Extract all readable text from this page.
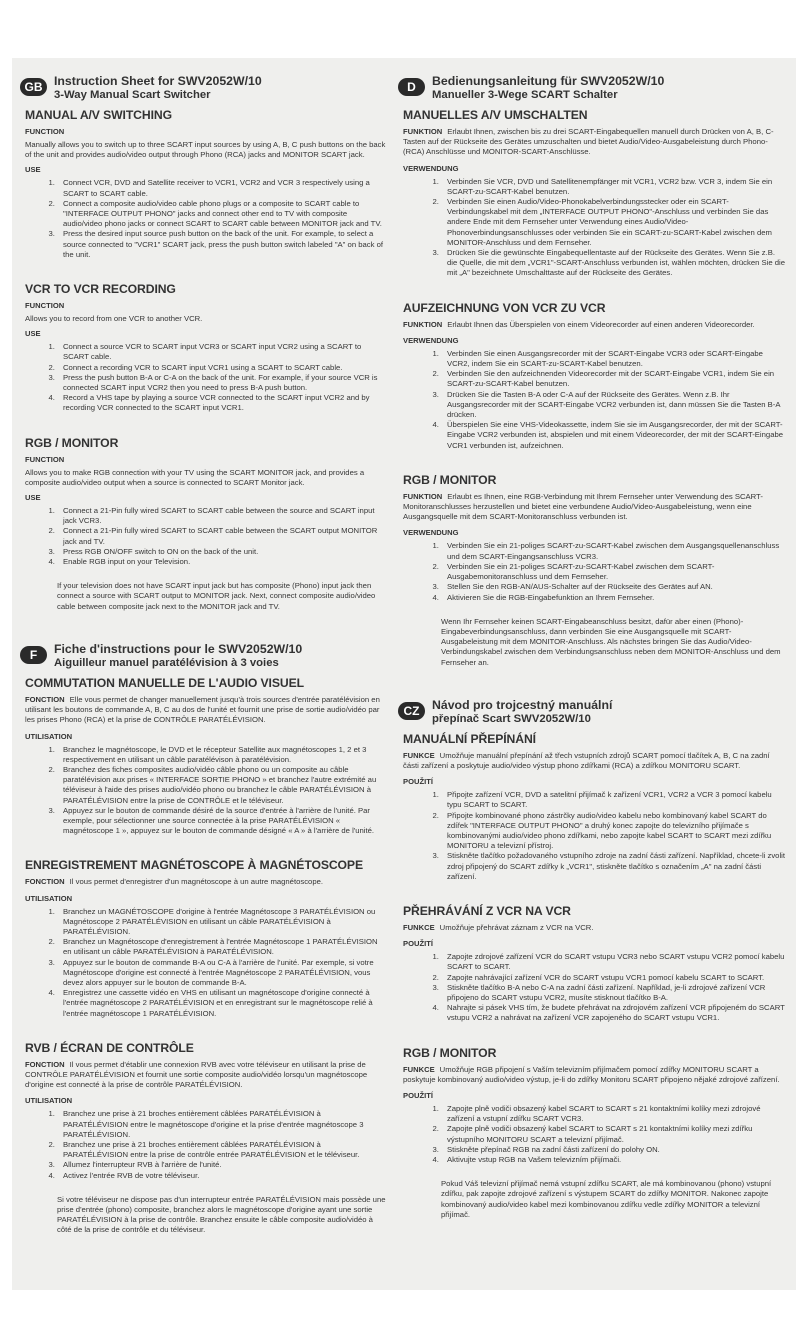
GB Instruction Sheet for SWV2052W/10
3-Way Manual Scart Switcher
MANUAL A/V SWITCHING
FUNCTION
Manually allows you to switch up to three SCART input sources by using A, B, C push buttons on the back of the unit and provides audio/video output through Phono (RCA) jacks and MONITOR SCART jack.
USE
1. Connect VCR, DVD and Satellite receiver to VCR1, VCR2 and VCR 3 respectively using a SCART to SCART cable.
2. Connect a composite audio/video cable phono plugs or a composite to SCART cable to "INTERFACE OUTPUT PHONO" jacks and connect other end to TV with composite audio/video phono jacks or connect SCART to SCART cable between MONITOR jack and TV.
3. Press the desired input source push button on the back of the unit. For example, to select a source connected to "VCR1" SCART jack, press the push button switch labeled "A" on back of the unit.
VCR TO VCR RECORDING
FUNCTION
Allows you to record from one VCR to another VCR.
USE
1. Connect a source VCR to SCART input VCR3 or SCART input VCR2 using a SCART to SCART cable.
2. Connect a recording VCR to SCART input VCR1 using a SCART to SCART cable.
3. Press the push button B-A or C-A on the back of the unit. For example, if your source VCR is connected SCART input VCR2 then you need to press B-A push button.
4. Record a VHS tape by playing a source VCR connected to the SCART input VCR2 and by recording VCR connected to the SCART input VCR1.
RGB / MONITOR
FUNCTION
Allows you to make RGB connection with your TV using the SCART MONITOR jack, and provides a composite audio/video output when a source is connected to SCART Monitor jack.
USE
1. Connect a 21-Pin fully wired SCART to SCART cable between the source and SCART input jack VCR3.
2. Connect a 21-Pin fully wired SCART to SCART cable between the SCART output MONITOR jack and TV.
3. Press RGB ON/OFF switch to ON on the back of the unit.
4. Enable RGB input on your Television.
If your television does not have SCART input jack but has composite (Phono) input jack then connect a source with SCART output to MONITOR jack. Next, connect composite audio/video cable between composite jack next to the MONITOR jack and TV.
F	Fiche d'instructions pour le SWV2052W/10
Aiguilleur manuel paratélévision à 3 voies
COMMUTATION MANUELLE DE L'AUDIO VISUEL
FONCTION Elle vous permet de changer manuellement jusqu'à trois sources d'entrée paratélévision en utilisant les boutons de commande A, B, C au dos de l'unité et fournit une prise de sortie audio/vidéo par les prises Phono (RCA) et la prise de CONTRÔLE PARATÉLÉVISION.
UTILISATION
1. Branchez le magnétoscope, le DVD et le récepteur Satellite aux magnétoscopes 1, 2 et 3 respectivement en utilisant un câble paratélévison à paratélévision.
2. Branchez des fiches composites audio/vidéo câble phono ou un composite au câble paratélévision aux prises « INTERFACE SORTIE PHONO » et branchez l'autre extrémité au téléviseur à l'aide des prises audio/vidéo phono ou branchez le câble PARATÉLÉVISION à PARATÉLÉVISION entre la prise de CONTRÔLE et le téléviseur.
3. Appuyez sur le bouton de commande désiré de la source d'entrée à l'arrière de l'unité. Par exemple, pour sélectionner une source connectée à la prise PARATÉLÉVISION « magnétoscope 1 », appuyez sur le bouton de commande désigné « A » à l'arrière de l'unité.
ENREGISTREMENT MAGNÉTOSCOPE À MAGNÉTOSCOPE
FONCTION Il vous permet d'enregistrer d'un magnétoscope à un autre magnétoscope.
UTILISATION
1. Branchez un MAGNÉTOSCOPE d'origine à l'entrée Magnétoscope 3 PARATÉLÉVISION ou Magnétoscope 2 PARATÉLÉVISION en utilisant un câble PARATÉLÉVISION à PARATÉLÉVISION.
2. Branchez un Magnétoscope d'enregistrement à l'entrée Magnétoscope 1 PARATÉLÉVISION en utilisant un câble PARATÉLÉVISION à PARATÉLÉVISION.
3. Appuyez sur le bouton de commande B-A ou C-A à l'arrière de l'unité. Par exemple, si votre Magnétoscope d'origine est connecté à l'entrée Magnétoscope 2 PARATÉLÉVISION, vous devez alors appuyer sur le bouton de commande B-A.
4. Enregistrez une cassette vidéo en VHS en utilisant un magnétoscope d'origine connecté à l'entrée magnétoscope 2 PARATÉLÉVISION et en enregistrant sur le magnétoscope relié à l'entrée magnétoscope 1 PARATÉLÉVISION.
RVB / ÉCRAN DE CONTRÔLE
FONCTION Il vous permet d'établir une connexion RVB avec votre téléviseur en utilisant la prise de CONTRÔLE PARATÉLÉVISION et fournit une sortie composite audio/vidéo lorsqu'un magnétoscope d'origine est connecté à la prise de contrôle PARATÉLÉVISION.
UTILISATION
1. Branchez une prise à 21 broches entièrement câblées PARATÉLÉVISION à PARATÉLÉVISION entre le magnétoscope d'origine et la prise d'entrée magnétoscope 3 PARATÉLÉVISION.
2. Branchez une prise à 21 broches entièrement câblées PARATÉLÉVISION à PARATÉLÉVISION entre la prise de contrôle entrée PARATÉLÉVISION et le téléviseur.
3. Allumez l'interrupteur RVB à l'arrière de l'unité.
4. Activez l'entrée RVB de votre téléviseur.
Si votre téléviseur ne dispose pas d'un interrupteur entrée PARATÉLÉVISION mais possède une prise d'entrée (phono) composite, branchez alors le magnétoscope d'origine ayant une sortie PARATÉLÉVISION à la prise de contrôle. Branchez ensuite le câble composite audio/vidéo à côté de la prise de contrôle et du téléviseur.
D	Bedienungsanleitung für SWV2052W/10
Manueller 3-Wege SCART Schalter
MANUELLES A/V UMSCHALTEN
FUNKTION Erlaubt Ihnen, zwischen bis zu drei SCART-Eingabequellen manuell durch Drücken von A, B, C-Tasten auf der Rückseite des Gerätes umzuschalten und bietet Audio/Video-Ausgabeleistung durch Phono- (RCA) Anschlüsse und MONITOR-SCART-Anschlüsse.
VERWENDUNG
1. Verbinden Sie VCR, DVD und Satellitenempfänger mit VCR1, VCR2 bzw. VCR 3, indem Sie ein SCART-zu-SCART-Kabel benutzen.
2. Verbinden Sie einen Audio/Video-Phonokabelverbindungsstecker oder ein SCART-Verbindungskabel mit dem „INTERFACE OUTPUT PHONO"-Anschluss und verbinden Sie das andere Ende mit dem Fernseher unter Verwendung eines Audio/Video-Phonoverbindungsanschlusses oder verbinden Sie ein SCART-zu-SCART-Kabel zwischen dem MONITOR-Anschluss und dem Fernseher.
3. Drücken Sie die gewünschte Eingabequellentaste auf der Rückseite des Gerätes. Wenn Sie z.B. die Quelle, die mit dem „VCR1"-SCART-Anschluss verbunden ist, wählen möchten, drücken Sie die mit „A" bezeichnete Umschalttaste auf der Rückseite des Gerätes.
AUFZEICHNUNG VON VCR ZU VCR
FUNKTION Erlaubt Ihnen das Überspielen von einem Videorecorder auf einen anderen Videorecorder.
VERWENDUNG
1. Verbinden Sie einen Ausgangsrecorder mit der SCART-Eingabe VCR3 oder SCART-Eingabe VCR2, indem Sie ein SCART-zu-SCART-Kabel benutzen.
2. Verbinden Sie den aufzeichnenden Videorecorder mit der SCART-Eingabe VCR1, indem Sie ein SCART-zu-SCART-Kabel benutzen.
3. Drücken Sie die Tasten B-A oder C-A auf der Rückseite des Gerätes. Wenn z.B. Ihr Ausgangsrecorder mit der SCART-Eingabe VCR2 verbunden ist, dann müssen Sie die Tasten B-A drücken.
4. Überspielen Sie eine VHS-Videokassette, indem Sie sie im Ausgangsrecorder, der mit der SCART-Eingabe VCR2 verbunden ist, abspielen und mit einem Videorecorder, der mit der SCART-Eingabe VCR1 verbunden ist, aufzeichnen.
RGB / MONITOR
FUNKTION Erlaubt es Ihnen, eine RGB-Verbindung mit Ihrem Fernseher unter Verwendung des SCART-Monitoranschlusses herzustellen und bietet eine verbundene Audio/Video-Ausgabeleistung, wenn eine Ausgangsquelle mit dem SCART-Monitoranschluss verbunden ist.
VERWENDUNG
1. Verbinden Sie ein 21-poliges SCART-zu-SCART-Kabel zwischen dem Ausgangsquellenanschluss und dem SCART-Eingangsanschluss VCR3.
2. Verbinden Sie ein 21-poliges SCART-zu-SCART-Kabel zwischen dem SCART-Ausgabemonitoranschluss und dem Fernseher.
3. Stellen Sie den RGB-AN/AUS-Schalter auf der Rückseite des Gerätes auf AN.
4. Aktivieren Sie die RGB-Eingabefunktion an Ihrem Fernseher.
Wenn Ihr Fernseher keinen SCART-Eingabeanschluss besitzt, dafür aber einen (Phono)-Eingabeverbindungsanschluss, dann verbinden Sie eine Ausgangsquelle mit SCART-Ausgabeleistung mit dem MONITOR-Anschluss. Als nächstes bringen Sie das Audio/Video-Verbindungskabel zwischen dem Verbindungsanschluss neben dem MONITOR-Anschluss und dem Fernseher an.
CZ	Návod pro trojcestný manuální
přepínač Scart SWV2052W/10
MANUÁLNÍ PŘEPÍNÁNÍ
FUNKCE Umožňuje manuální přepínání až třech vstupních zdrojů SCART pomocí tlačítek A, B, C na zadní části zařízení a poskytuje audio/video výstup phono zdířkami (RCA) a zdířkou MONITORU SCART.
POUŽITÍ
1. Připojte zařízení VCR, DVD a satelitní přijímač k zařízení VCR1, VCR2 a VCR 3 pomocí kabelu typu SCART to SCART.
2. Připojte kombinované phono zástrčky audio/video kabelu nebo kombinovaný kabel SCART do zdířek "INTERFACE OUTPUT PHONO" a druhý konec zapojte do televizního přijímače s kombinovanými audio/video phono zdířkami, nebo zapojte kabel SCART to SCART mezi zdířku MONITORU a televizní přístroj.
3. Stiskněte tlačítko požadovaného vstupního zdroje na zadní části zařízení. Například, chcete-li zvolit zdroj připojený do SCART zdířky k „VCR1", stiskněte tlačítko s označením „A" na zadní části zařízení.
PŘEHRÁVÁNÍ Z VCR NA VCR
FUNKCE Umožňuje přehrávat záznam z VCR na VCR.
POUŽITÍ
1. Zapojte zdrojové zařízení VCR do SCART vstupu VCR3 nebo SCART vstupu VCR2 pomocí kabelu SCART to SCART.
2. Zapojte nahrávající zařízení VCR do SCART vstupu VCR1 pomocí kabelu SCART to SCART.
3. Stiskněte tlačítko B-A nebo C-A na zadní části zařízení. Například, je-li zdrojové zařízení VCR připojeno do SCART vstupu VCR2, musíte stisknout tlačítko B-A.
4. Nahrajte si pásek VHS tím, že budete přehrávat na zdrojovém zařízení VCR připojeném do SCART vstupu VCR2 a nahrávat na zařízení VCR zapojeného do SCART vstupu VCR1.
RGB / MONITOR
FUNKCE Umožňuje RGB připojení s Vaším televizním přijímačem pomocí zdířky MONITORU SCART a poskytuje kombinovaný audio/video výstup, je-li do zdířky Monitoru SCART připojeno nějaké zdrojové zařízení.
POUŽITÍ
1. Zapojte plně vodiči obsazený kabel SCART to SCART s 21 kontaktními kolíky mezi zdrojové zařízení a vstupní zdířku SCART VCR3.
2. Zapojte plně vodiči obsazený kabel SCART to SCART s 21 kontaktními kolíky mezi zdířku výstupního MONITORU SCART a televizní přijímač.
3. Stiskněte přepínač RGB na zadní části zařízení do polohy ON.
4. Aktivujte vstup RGB na Vašem televizním přijímači.
Pokud Váš televizní přijímač nemá vstupní zdířku SCART, ale má kombinovanou (phono) vstupní zdířku, pak zapojte zdrojové zařízení s výstupem SCART do zdířky MONITOR. Nakonec zapojte kombinovaný audio/video kabel mezi kombinovanou zdířku vedle zdířky MONITOR a televizní přijímač.
